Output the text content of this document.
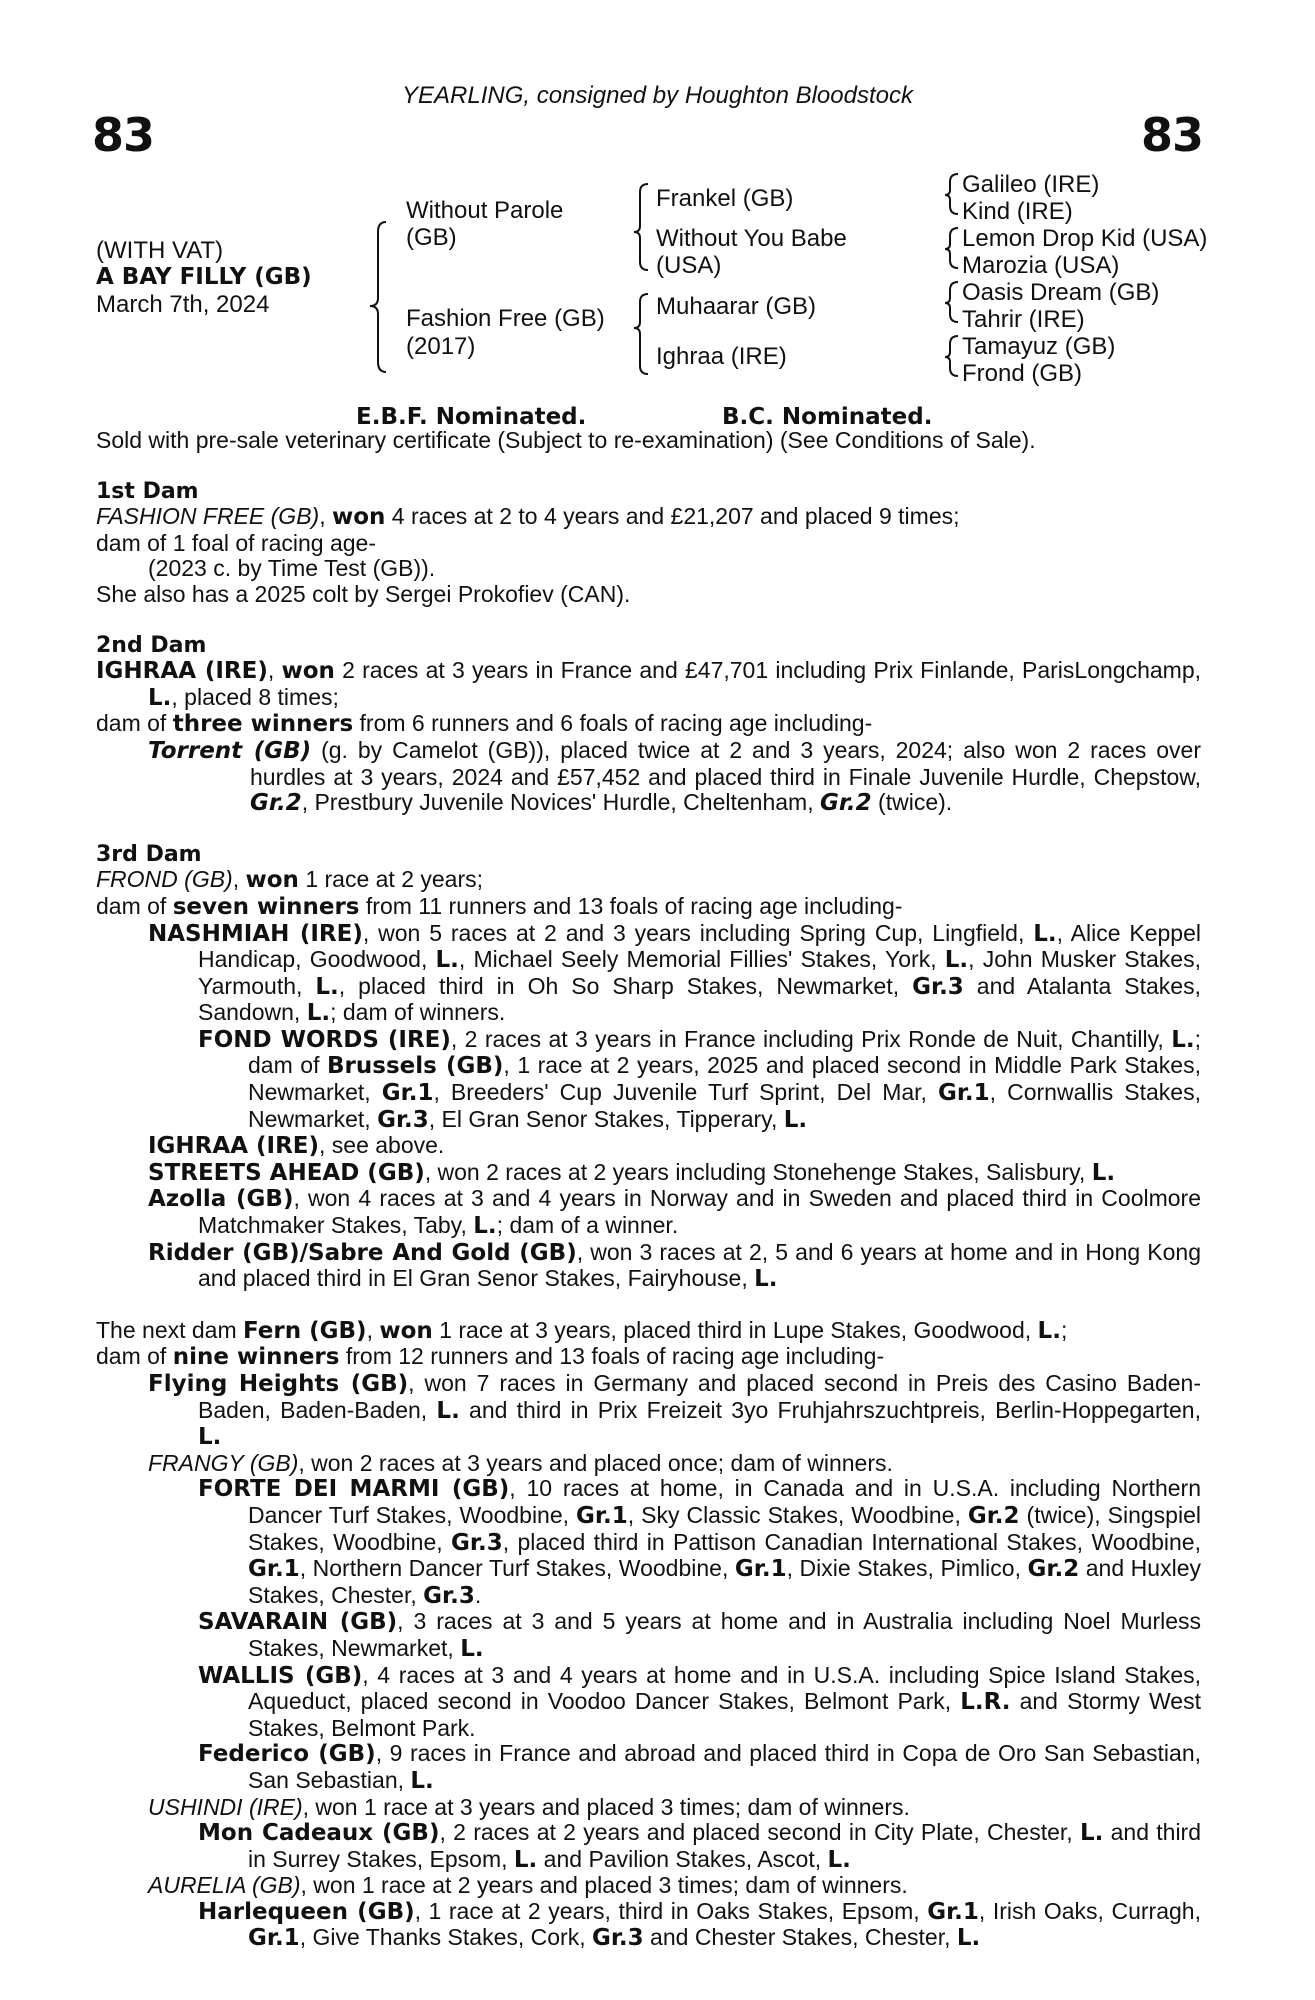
YEARLING, consigned by Houghton Bloodstock
83	83
(WITH VAT)
A BAY FILLY (GB)
March 7th, 2024
Without Parole
(GB)
Fashion Free (GB)
(2017)
Frankel (GB)
Without You Babe
(USA)
Muhaarar (GB)
Ighraa (IRE)
Galileo (IRE)
Kind (IRE)
Lemon Drop Kid (USA)
Marozia (USA)
Oasis Dream (GB)
Tahrir (IRE)
Tamayuz (GB)
Frond (GB)
E.B.F. Nominated.	B.C. Nominated.
Sold with pre-sale veterinary certificate (Subject to re-examination) (See Conditions of Sale).
1st Dam
FASHION FREE (GB), won 4 races at 2 to 4 years and £21,207 and placed 9 times;
dam of 1 foal of racing age-
(2023 c. by Time Test (GB)).
She also has a 2025 colt by Sergei Prokofiev (CAN).
2nd Dam
IGHRAA (IRE), won 2 races at 3 years in France and £47,701 including Prix Finlande, ParisLongchamp, L., placed 8 times;
dam of three winners from 6 runners and 6 foals of racing age including-
Torrent (GB) (g. by Camelot (GB)), placed twice at 2 and 3 years, 2024; also won 2 races over hurdles at 3 years, 2024 and £57,452 and placed third in Finale Juvenile Hurdle, Chepstow, Gr.2, Prestbury Juvenile Novices' Hurdle, Cheltenham, Gr.2 (twice).
3rd Dam
FROND (GB), won 1 race at 2 years;
dam of seven winners from 11 runners and 13 foals of racing age including-
NASHMIAH (IRE), won 5 races at 2 and 3 years including Spring Cup, Lingfield, L., Alice Keppel Handicap, Goodwood, L., Michael Seely Memorial Fillies' Stakes, York, L., John Musker Stakes, Yarmouth, L., placed third in Oh So Sharp Stakes, Newmarket, Gr.3 and Atalanta Stakes, Sandown, L.; dam of winners.
FOND WORDS (IRE), 2 races at 3 years in France including Prix Ronde de Nuit, Chantilly, L.; dam of Brussels (GB), 1 race at 2 years, 2025 and placed second in Middle Park Stakes, Newmarket, Gr.1, Breeders' Cup Juvenile Turf Sprint, Del Mar, Gr.1, Cornwallis Stakes, Newmarket, Gr.3, El Gran Senor Stakes, Tipperary, L.
IGHRAA (IRE), see above.
STREETS AHEAD (GB), won 2 races at 2 years including Stonehenge Stakes, Salisbury, L.
Azolla (GB), won 4 races at 3 and 4 years in Norway and in Sweden and placed third in Coolmore Matchmaker Stakes, Taby, L.; dam of a winner.
Ridder (GB)/Sabre And Gold (GB), won 3 races at 2, 5 and 6 years at home and in Hong Kong and placed third in El Gran Senor Stakes, Fairyhouse, L.
The next dam Fern (GB), won 1 race at 3 years, placed third in Lupe Stakes, Goodwood, L.;
dam of nine winners from 12 runners and 13 foals of racing age including-
Flying Heights (GB), won 7 races in Germany and placed second in Preis des Casino Baden-Baden, Baden-Baden, L. and third in Prix Freizeit 3yo Fruhjahrszuchtpreis, Berlin-Hoppegarten, L.
FRANGY (GB), won 2 races at 3 years and placed once; dam of winners.
FORTE DEI MARMI (GB), 10 races at home, in Canada and in U.S.A. including Northern Dancer Turf Stakes, Woodbine, Gr.1, Sky Classic Stakes, Woodbine, Gr.2 (twice), Singspiel Stakes, Woodbine, Gr.3, placed third in Pattison Canadian International Stakes, Woodbine, Gr.1, Northern Dancer Turf Stakes, Woodbine, Gr.1, Dixie Stakes, Pimlico, Gr.2 and Huxley Stakes, Chester, Gr.3.
SAVARAIN (GB), 3 races at 3 and 5 years at home and in Australia including Noel Murless Stakes, Newmarket, L.
WALLIS (GB), 4 races at 3 and 4 years at home and in U.S.A. including Spice Island Stakes, Aqueduct, placed second in Voodoo Dancer Stakes, Belmont Park, L.R. and Stormy West Stakes, Belmont Park.
Federico (GB), 9 races in France and abroad and placed third in Copa de Oro San Sebastian, San Sebastian, L.
USHINDI (IRE), won 1 race at 3 years and placed 3 times; dam of winners.
Mon Cadeaux (GB), 2 races at 2 years and placed second in City Plate, Chester, L. and third in Surrey Stakes, Epsom, L. and Pavilion Stakes, Ascot, L.
AURELIA (GB), won 1 race at 2 years and placed 3 times; dam of winners.
Harlequeen (GB), 1 race at 2 years, third in Oaks Stakes, Epsom, Gr.1, Irish Oaks, Curragh, Gr.1, Give Thanks Stakes, Cork, Gr.3 and Chester Stakes, Chester, L.
